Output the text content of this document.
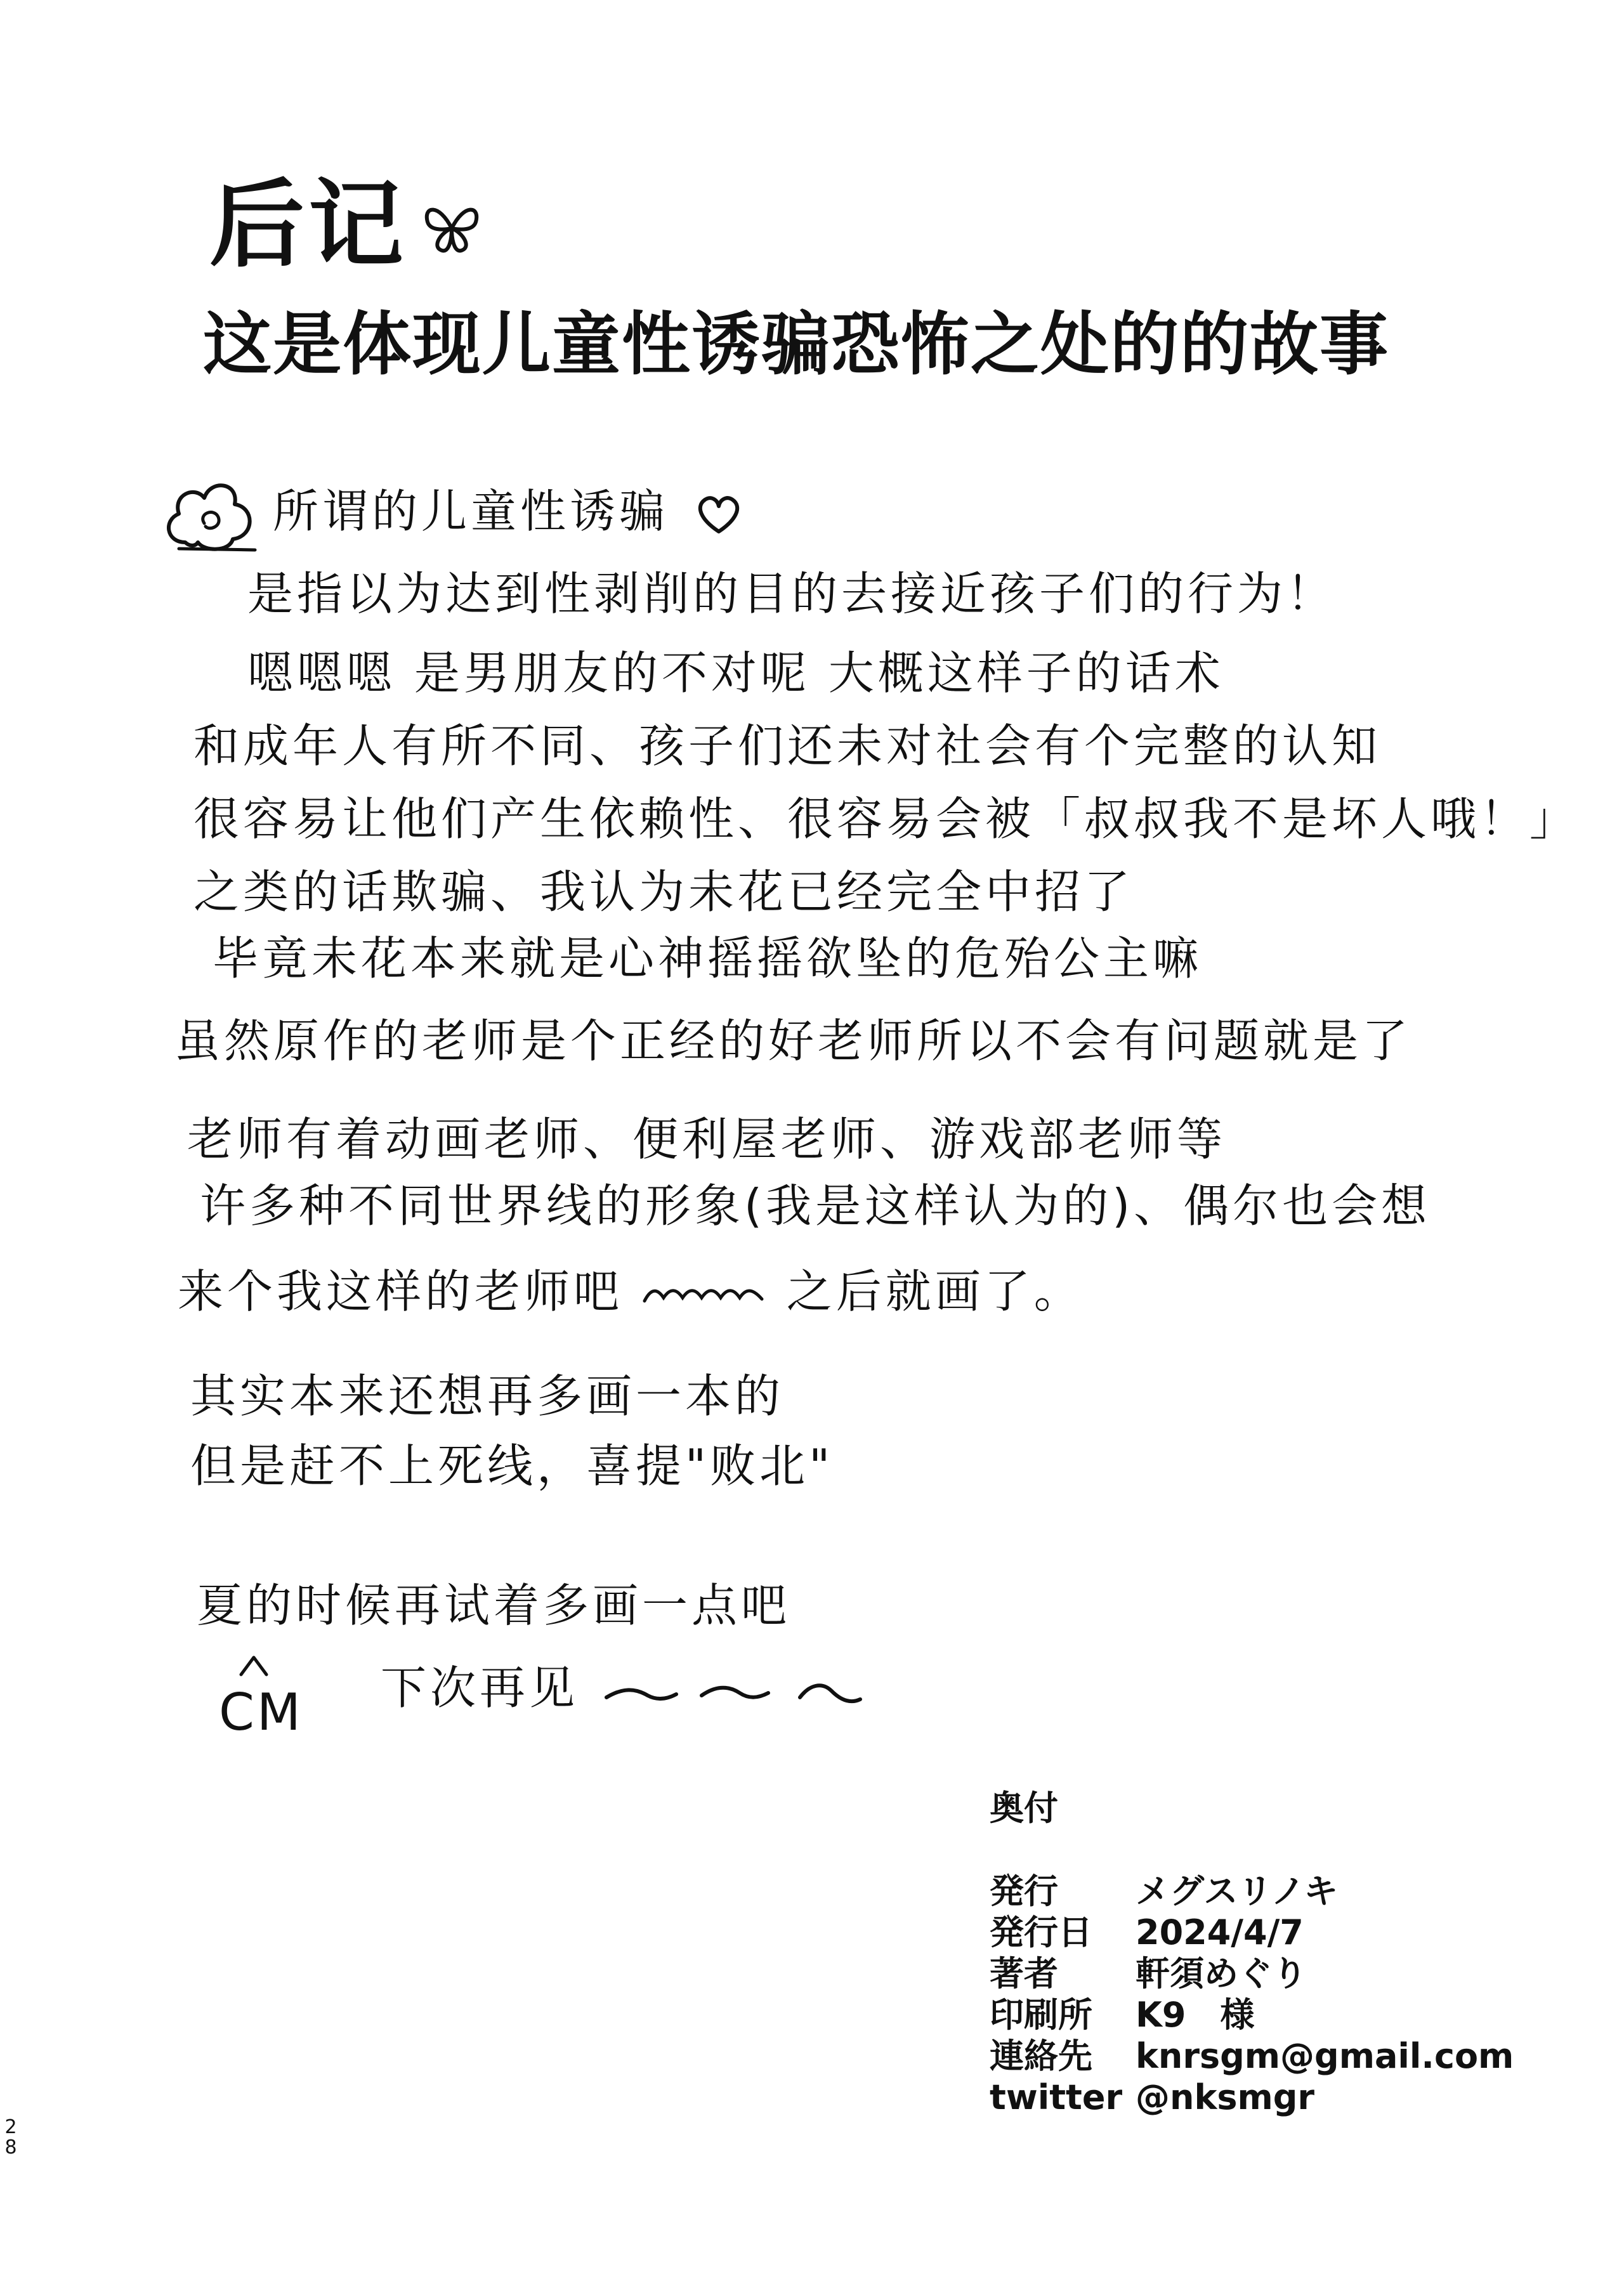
后记
这是体现儿童性诱骗恐怖之处的的故事
所谓的儿童性诱骗
是指以为达到性剥削的目的去接近孩子们的行为！
嗯嗯嗯 是男朋友的不对呢 大概这样子的话术
和成年人有所不同、孩子们还未对社会有个完整的认知
很容易让他们产生依赖性、很容易会被「叔叔我不是坏人哦！」
之类的话欺骗、我认为未花已经完全中招了
毕竟未花本来就是心神摇摇欲坠的危殆公主嘛
虽然原作的老师是个正经的好老师所以不会有问题就是了
老师有着动画老师、便利屋老师、游戏部老师等
许多种不同世界线的形象(我是这样认为的)、偶尔也会想
来个我这样的老师吧	之后就画了。
其实本来还想再多画一本的
但是赶不上死线，喜提"败北"
夏的时候再试着多画一点吧
CM 下次再见
奥付
発行 メグスリノキ
発行日 2024/4/7
著者 軒須めぐり
印刷所 K9　様
連絡先 knrsgm@gmail.com
twitter @nksmgr
2
8
